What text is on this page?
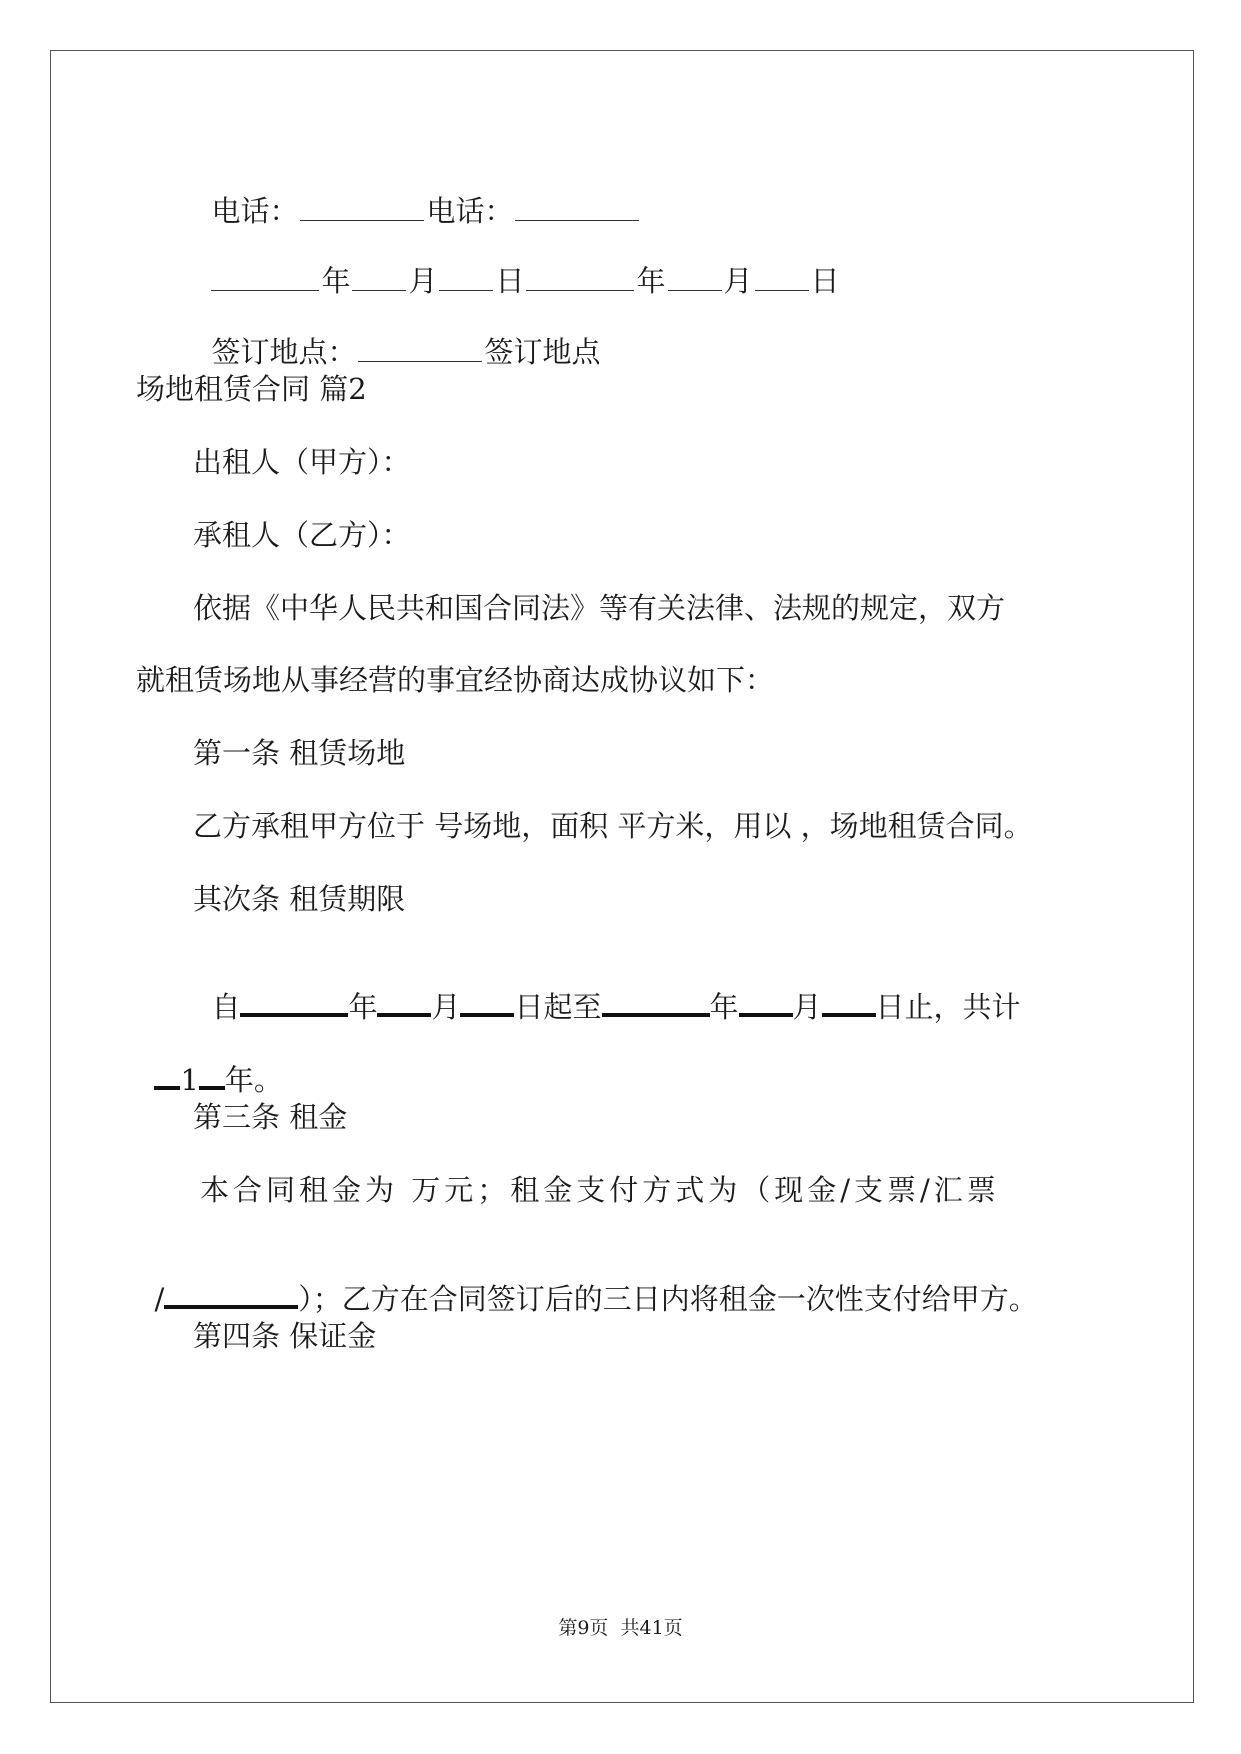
电话：	电话：

年 月 日	年 月 日

签订地点：	签订地点

场地租赁合同 篇2
出租人（甲方）：
承租人（乙方）：
依据《中华人民共和国合同法》等有关法律、法规的规定，双方
就租赁场地从事经营的事宜经协商达成协议如下：
第一条 租赁场地
乙方承租甲方位于 号场地，面积 平方米，用以 ，场地租赁合同。
其次条 租赁期限

自	年 月 日起至	年 月 日止，共计

1 年。

第三条 租金
本合同租金为 万元；租金支付方式为（现金/支票/汇票

/	）；乙方在合同签订后的三日内将租金一次性支付给甲方。

第四条 保证金
第9页  共41页
